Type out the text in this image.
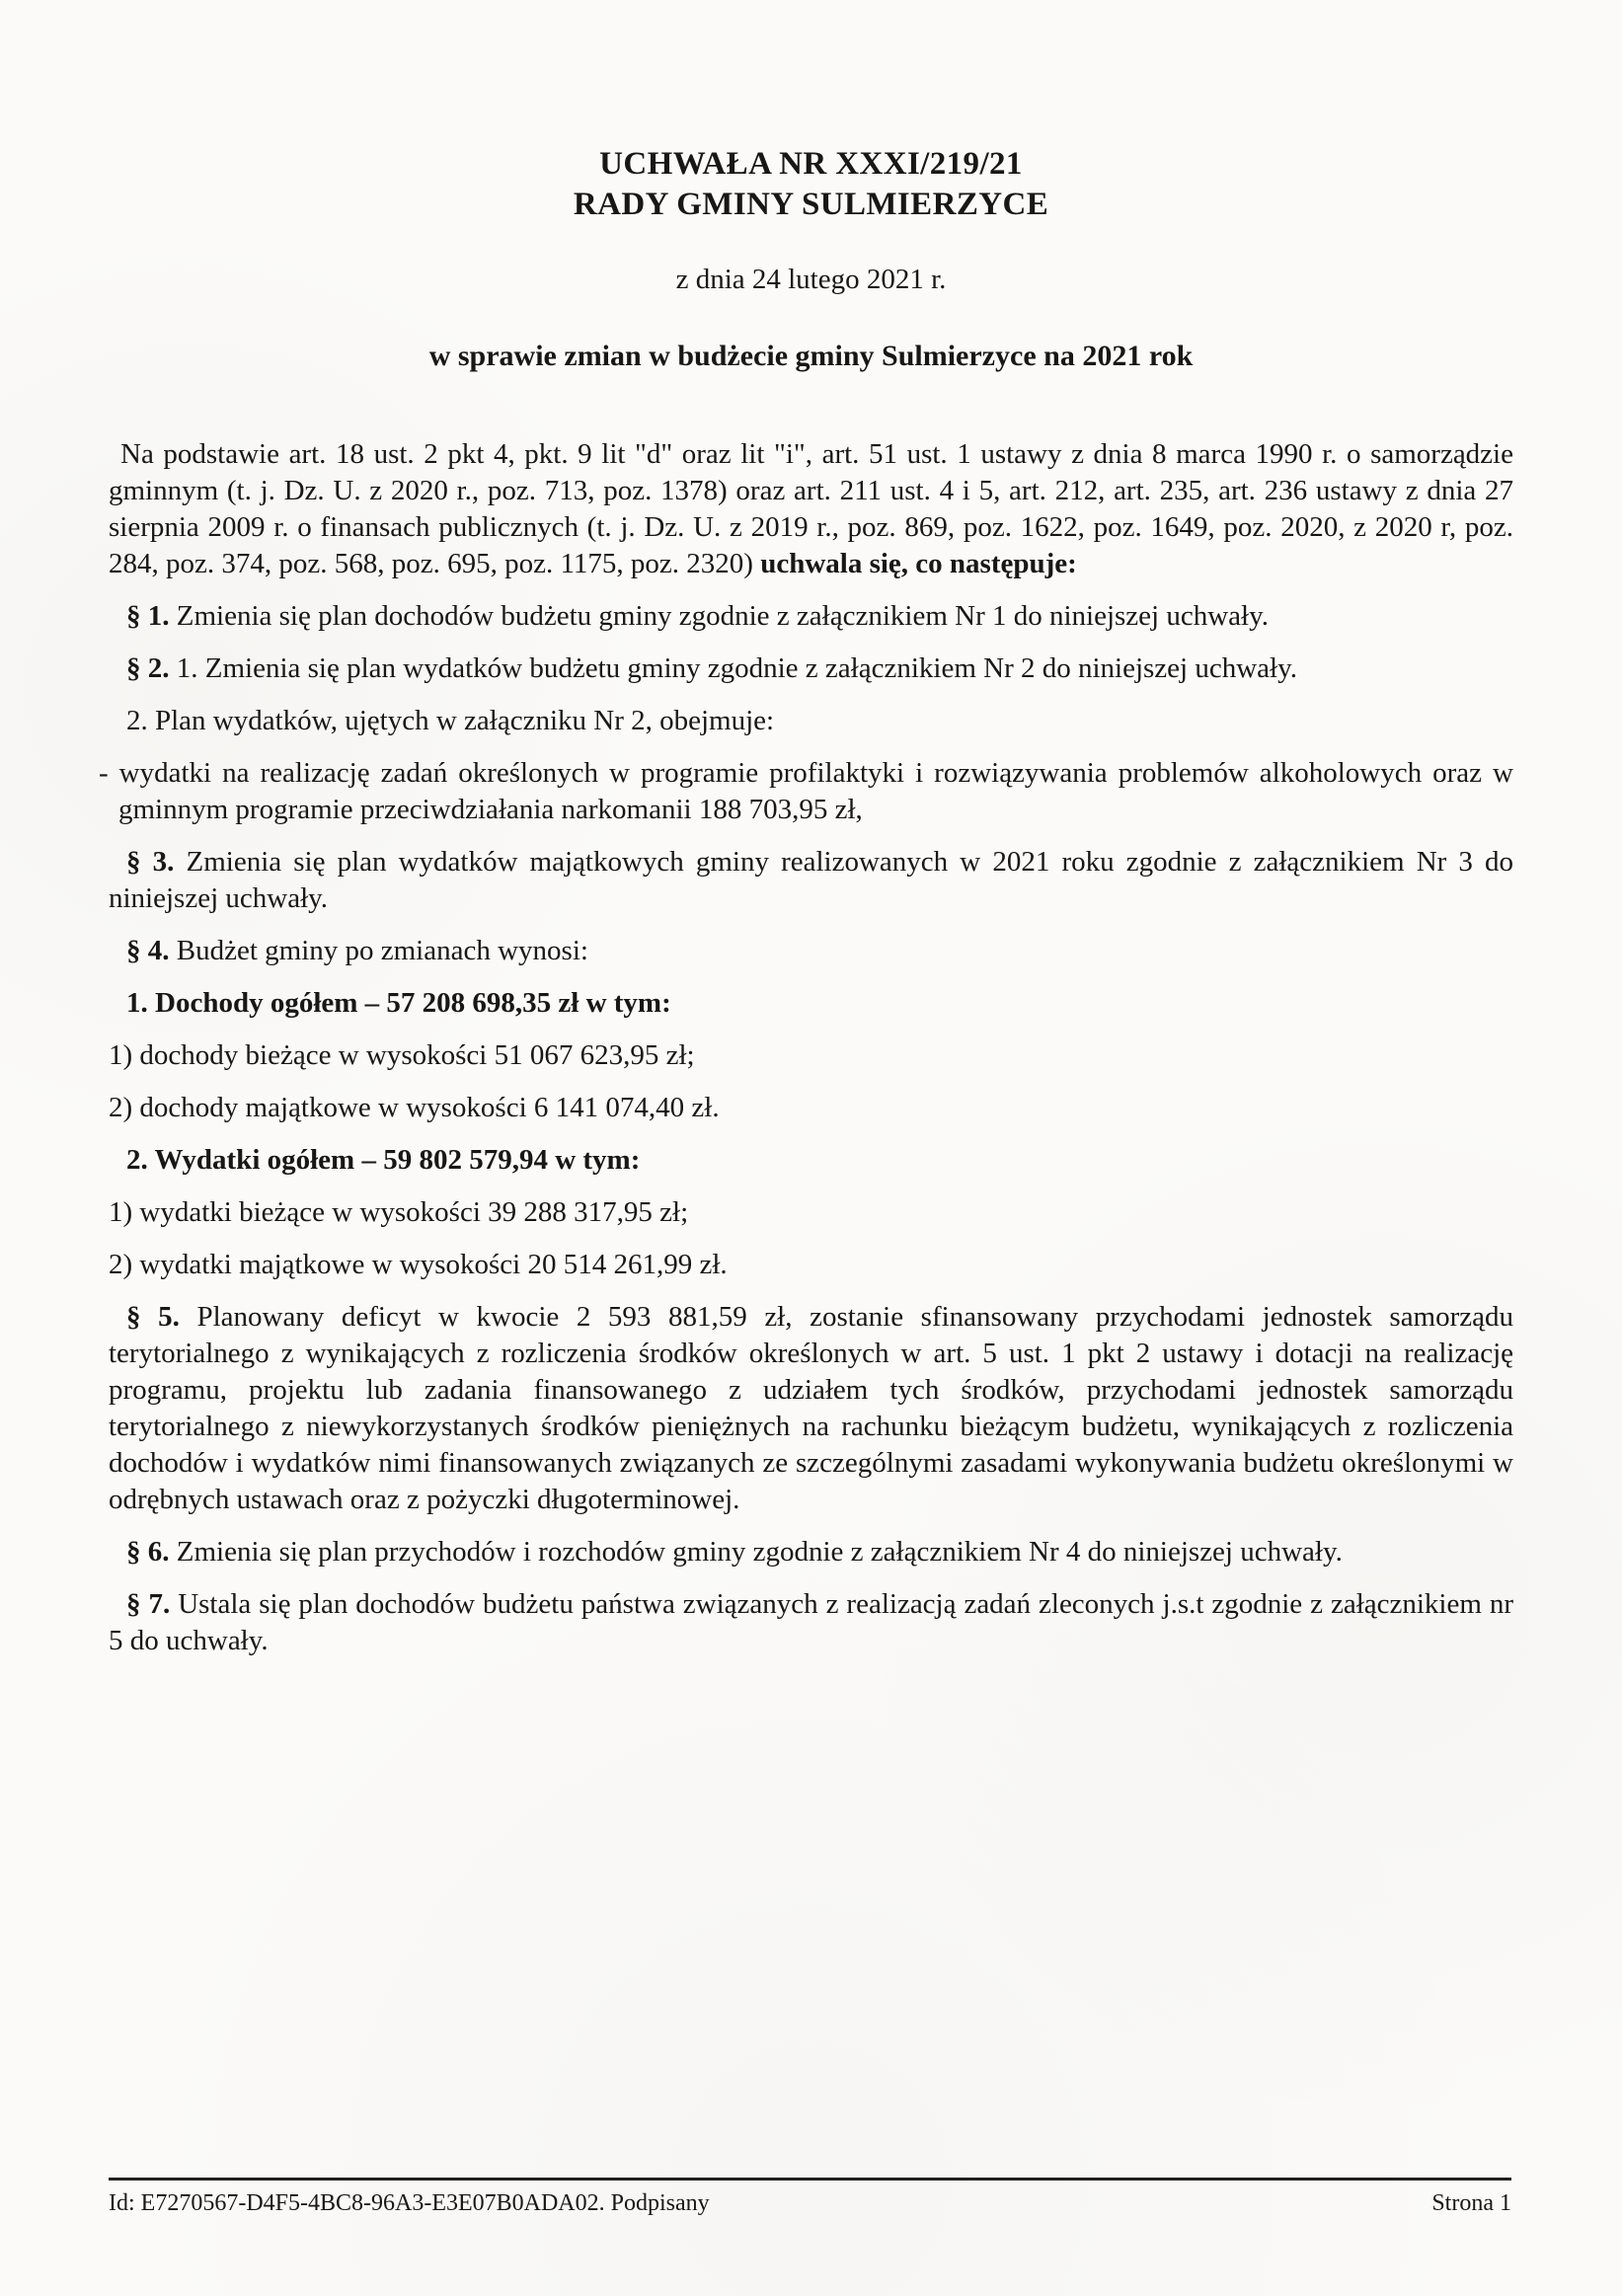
UCHWAŁA NR XXXI/219/21
RADY GMINY SULMIERZYCE
z dnia 24 lutego 2021 r.
w sprawie zmian w budżecie gminy Sulmierzyce na 2021 rok

Na podstawie art. 18 ust. 2 pkt 4, pkt. 9 lit "d" oraz lit "i", art. 51 ust. 1 ustawy z dnia 8 marca 1990 r. o samorządzie gminnym (t. j. Dz. U. z 2020 r., poz. 713, poz. 1378) oraz art. 211 ust. 4 i 5, art. 212, art. 235, art. 236 ustawy z dnia 27 sierpnia 2009 r. o finansach publicznych (t. j. Dz. U. z 2019 r., poz. 869, poz. 1622, poz. 1649, poz. 2020, z 2020 r, poz. 284, poz. 374, poz. 568, poz. 695, poz. 1175, poz. 2320) uchwala się, co następuje:

§ 1. Zmienia się plan dochodów budżetu gminy zgodnie z załącznikiem Nr 1 do niniejszej uchwały.

§ 2. 1. Zmienia się plan wydatków budżetu gminy zgodnie z załącznikiem Nr 2 do niniejszej uchwały.

2. Plan wydatków, ujętych w załączniku Nr 2, obejmuje:

- wydatki na realizację zadań określonych w programie profilaktyki i rozwiązywania problemów alkoholowych oraz w gminnym programie przeciwdziałania narkomanii 188 703,95 zł,

§ 3. Zmienia się plan wydatków majątkowych gminy realizowanych w 2021 roku zgodnie z załącznikiem Nr 3 do niniejszej uchwały.

§ 4. Budżet gminy po zmianach wynosi:

1. Dochody ogółem – 57 208 698,35 zł w tym:

1) dochody bieżące w wysokości 51 067 623,95 zł;

2) dochody majątkowe w wysokości 6 141 074,40 zł.

2. Wydatki ogółem – 59 802 579,94 w tym:

1) wydatki bieżące w wysokości 39 288 317,95 zł;

2) wydatki majątkowe w wysokości 20 514 261,99 zł.

§ 5. Planowany deficyt w kwocie 2 593 881,59 zł, zostanie sfinansowany przychodami jednostek samorządu terytorialnego z wynikających z rozliczenia środków określonych w art. 5 ust. 1 pkt 2 ustawy i dotacji na realizację programu, projektu lub zadania finansowanego z udziałem tych środków, przychodami jednostek samorządu terytorialnego z niewykorzystanych środków pieniężnych na rachunku bieżącym budżetu, wynikających z rozliczenia dochodów i wydatków nimi finansowanych związanych ze szczególnymi zasadami wykonywania budżetu określonymi w odrębnych ustawach oraz z pożyczki długoterminowej.

§ 6. Zmienia się plan przychodów i rozchodów gminy zgodnie z załącznikiem Nr 4 do niniejszej uchwały.

§ 7. Ustala się plan dochodów budżetu państwa związanych z realizacją zadań zleconych j.s.t zgodnie z załącznikiem nr 5 do uchwały.

Id: E7270567-D4F5-4BC8-96A3-E3E07B0ADA02. Podpisany	Strona 1
